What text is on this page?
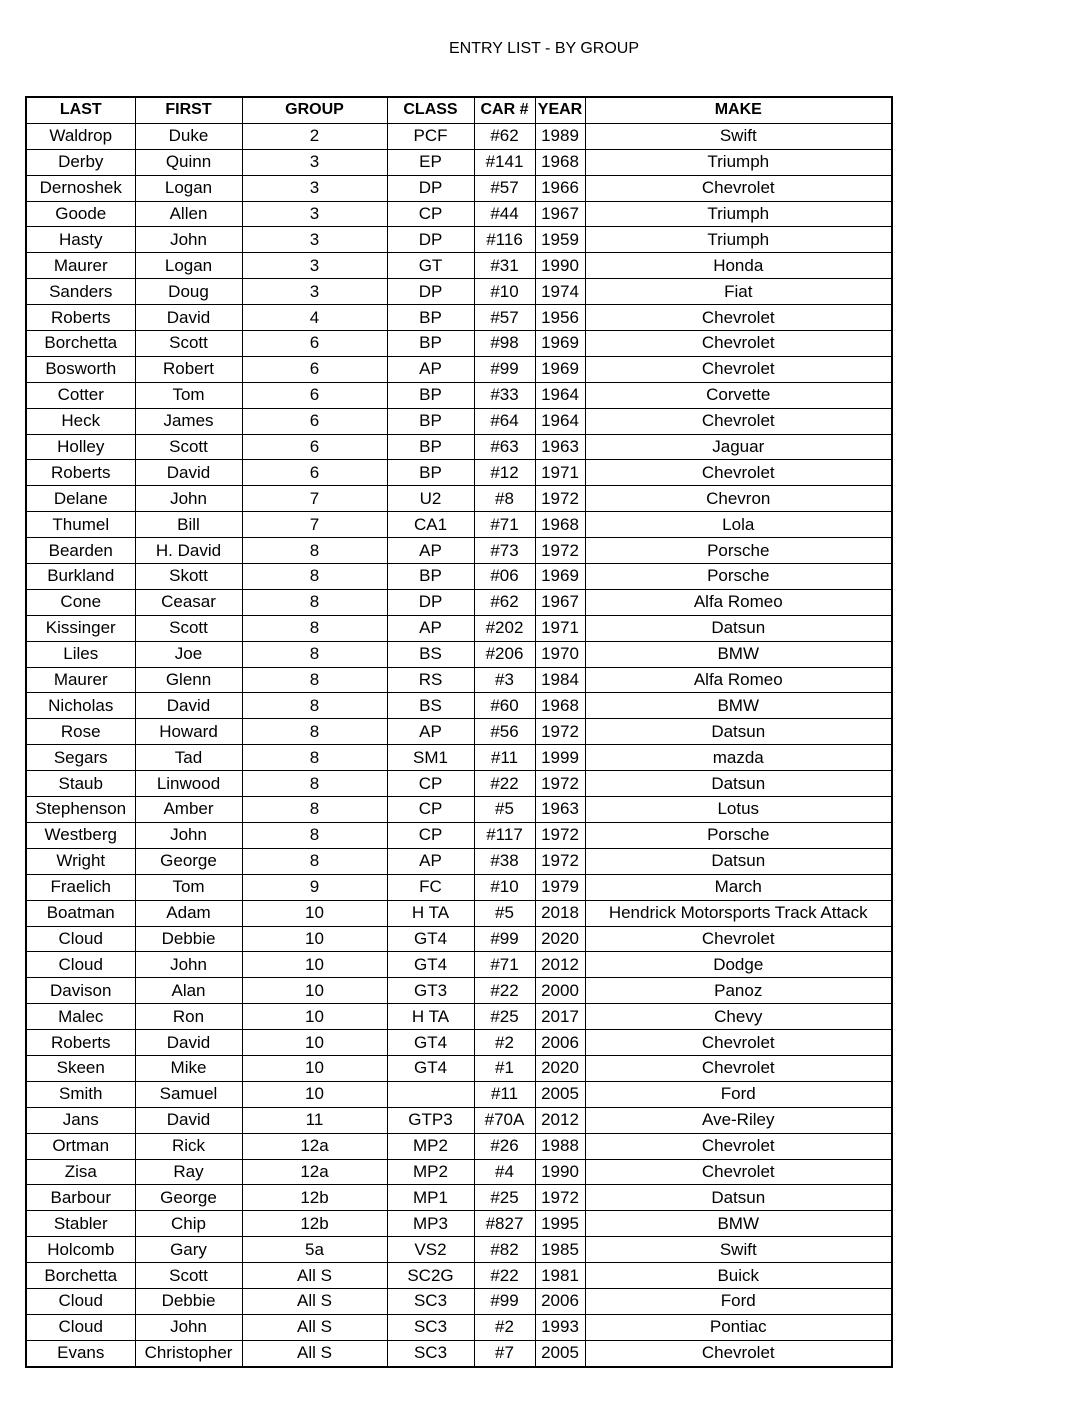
ENTRY LIST - BY GROUP
LAST	FIRST	GROUP	CLASS	CAR #	YEAR	MAKE
Waldrop	Duke	2	PCF	#62	1989	Swift
Derby	Quinn	3	EP	#141	1968	Triumph
Dernoshek	Logan	3	DP	#57	1966	Chevrolet
Goode	Allen	3	CP	#44	1967	Triumph
Hasty	John	3	DP	#116	1959	Triumph
Maurer	Logan	3	GT	#31	1990	Honda
Sanders	Doug	3	DP	#10	1974	Fiat
Roberts	David	4	BP	#57	1956	Chevrolet
Borchetta	Scott	6	BP	#98	1969	Chevrolet
Bosworth	Robert	6	AP	#99	1969	Chevrolet
Cotter	Tom	6	BP	#33	1964	Corvette
Heck	James	6	BP	#64	1964	Chevrolet
Holley	Scott	6	BP	#63	1963	Jaguar
Roberts	David	6	BP	#12	1971	Chevrolet
Delane	John	7	U2	#8	1972	Chevron
Thumel	Bill	7	CA1	#71	1968	Lola
Bearden	H. David	8	AP	#73	1972	Porsche
Burkland	Skott	8	BP	#06	1969	Porsche
Cone	Ceasar	8	DP	#62	1967	Alfa Romeo
Kissinger	Scott	8	AP	#202	1971	Datsun
Liles	Joe	8	BS	#206	1970	BMW
Maurer	Glenn	8	RS	#3	1984	Alfa Romeo
Nicholas	David	8	BS	#60	1968	BMW
Rose	Howard	8	AP	#56	1972	Datsun
Segars	Tad	8	SM1	#11	1999	mazda
Staub	Linwood	8	CP	#22	1972	Datsun
Stephenson	Amber	8	CP	#5	1963	Lotus
Westberg	John	8	CP	#117	1972	Porsche
Wright	George	8	AP	#38	1972	Datsun
Fraelich	Tom	9	FC	#10	1979	March
Boatman	Adam	10	H TA	#5	2018	Hendrick Motorsports Track Attack
Cloud	Debbie	10	GT4	#99	2020	Chevrolet
Cloud	John	10	GT4	#71	2012	Dodge
Davison	Alan	10	GT3	#22	2000	Panoz
Malec	Ron	10	H TA	#25	2017	Chevy
Roberts	David	10	GT4	#2	2006	Chevrolet
Skeen	Mike	10	GT4	#1	2020	Chevrolet
Smith	Samuel	10		#11	2005	Ford
Jans	David	11	GTP3	#70A	2012	Ave-Riley
Ortman	Rick	12a	MP2	#26	1988	Chevrolet
Zisa	Ray	12a	MP2	#4	1990	Chevrolet
Barbour	George	12b	MP1	#25	1972	Datsun
Stabler	Chip	12b	MP3	#827	1995	BMW
Holcomb	Gary	5a	VS2	#82	1985	Swift
Borchetta	Scott	All S	SC2G	#22	1981	Buick
Cloud	Debbie	All S	SC3	#99	2006	Ford
Cloud	John	All S	SC3	#2	1993	Pontiac
Evans	Christopher	All S	SC3	#7	2005	Chevrolet
